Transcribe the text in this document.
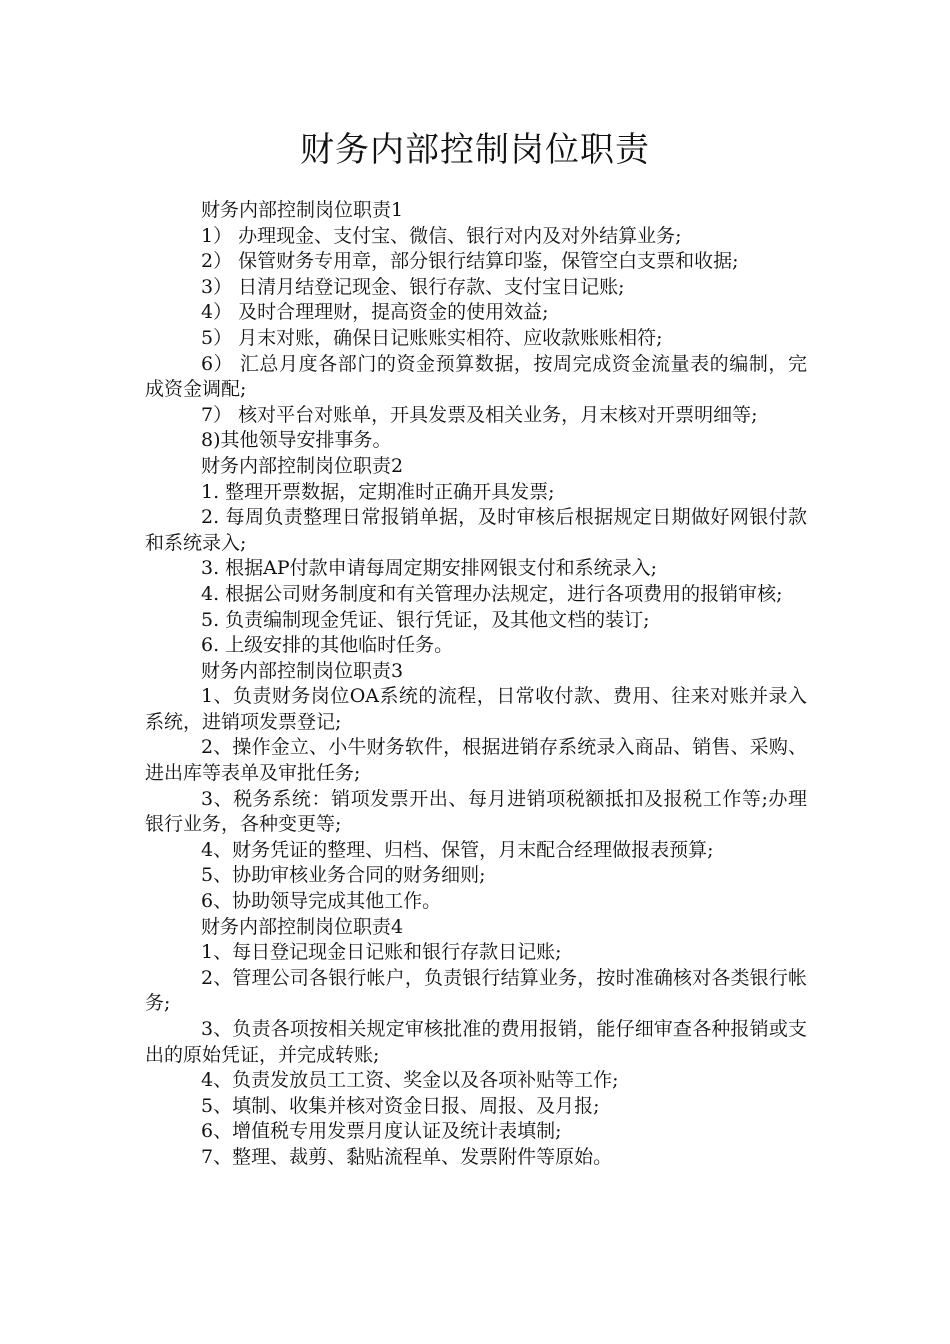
财务内部控制岗位职责

财务内部控制岗位职责1

1） 办理现金、支付宝、微信、银行对内及对外结算业务;

2） 保管财务专用章，部分银行结算印鉴，保管空白支票和收据;

3） 日清月结登记现金、银行存款、支付宝日记账;

4） 及时合理理财，提高资金的使用效益;

5） 月末对账，确保日记账账实相符、应收款账账相符;

6） 汇总月度各部门的资金预算数据，按周完成资金流量表的编制，完成资金调配;

7） 核对平台对账单，开具发票及相关业务，月末核对开票明细等;

8)其他领导安排事务。

财务内部控制岗位职责2

1. 整理开票数据，定期准时正确开具发票;

2. 每周负责整理日常报销单据，及时审核后根据规定日期做好网银付款和系统录入;

3. 根据AP付款申请每周定期安排网银支付和系统录入;

4. 根据公司财务制度和有关管理办法规定，进行各项费用的报销审核;

5. 负责编制现金凭证、银行凭证，及其他文档的装订;

6. 上级安排的其他临时任务。

财务内部控制岗位职责3

1、负责财务岗位OA系统的流程，日常收付款、费用、往来对账并录入系统，进销项发票登记;

2、操作金立、小牛财务软件，根据进销存系统录入商品、销售、采购、进出库等表单及审批任务;

3、税务系统：销项发票开出、每月进销项税额抵扣及报税工作等;办理银行业务，各种变更等;

4、财务凭证的整理、归档、保管，月末配合经理做报表预算;

5、协助审核业务合同的财务细则;

6、协助领导完成其他工作。

财务内部控制岗位职责4

1、每日登记现金日记账和银行存款日记账;

2、管理公司各银行帐户，负责银行结算业务，按时准确核对各类银行帐务;

3、负责各项按相关规定审核批准的费用报销，能仔细审查各种报销或支出的原始凭证，并完成转账;

4、负责发放员工工资、奖金以及各项补贴等工作;

5、填制、收集并核对资金日报、周报、及月报;

6、增值税专用发票月度认证及统计表填制;

7、整理、裁剪、黏贴流程单、发票附件等原始。
